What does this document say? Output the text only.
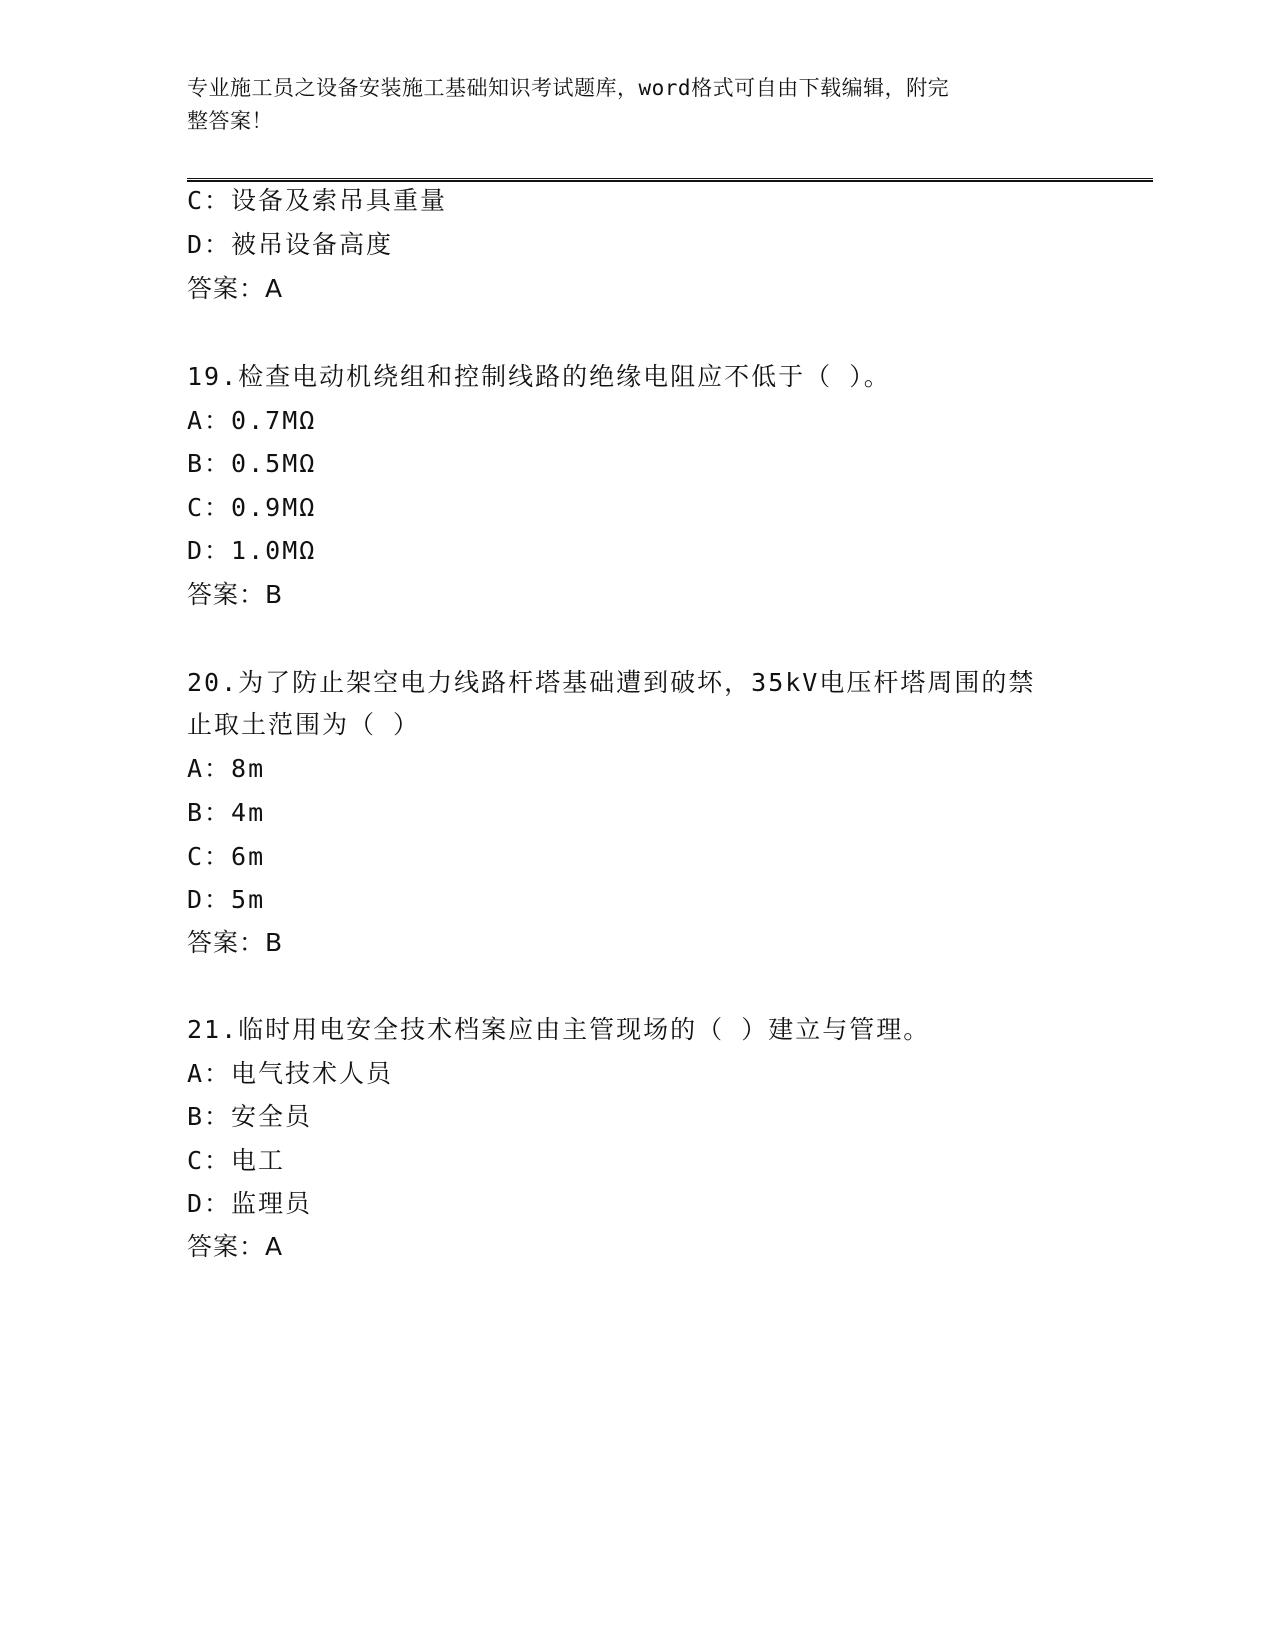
专业施工员之设备安装施工基础知识考试题库，word格式可自由下载编辑，附完
整答案！
C：设备及索吊具重量
D：被吊设备高度
答案：A
19.检查电动机绕组和控制线路的绝缘电阻应不低于（ ）。
A：0.7MΩ
B：0.5MΩ
C：0.9MΩ
D：1.0MΩ
答案：B
20.为了防止架空电力线路杆塔基础遭到破坏，35kV电压杆塔周围的禁
止取土范围为（ ）
A：8m
B：4m
C：6m
D：5m
答案：B
21.临时用电安全技术档案应由主管现场的（ ）建立与管理。
A：电气技术人员
B：安全员
C：电工
D：监理员
答案：A
